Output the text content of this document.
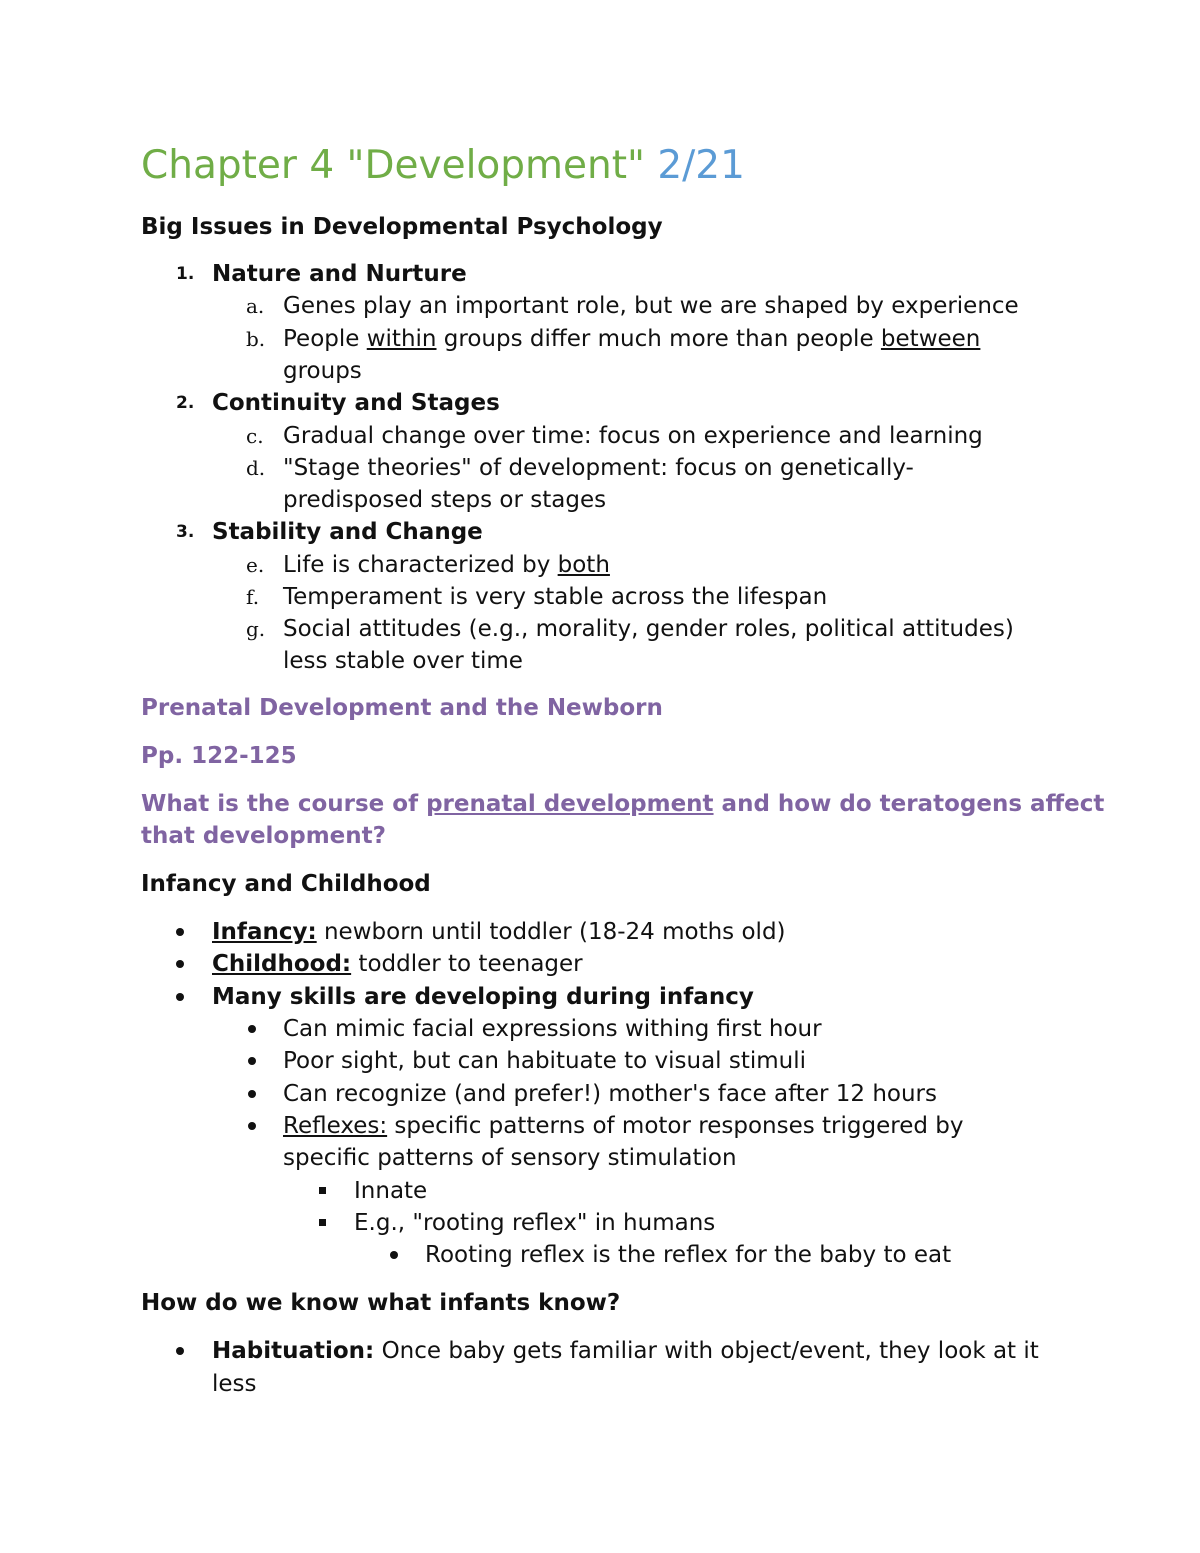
Chapter 4 "Development" 2/21
Big Issues in Developmental Psychology
1. Nature and Nurture
a. Genes play an important role, but we are shaped by experience
b. People within groups differ much more than people between
groups
2. Continuity and Stages
c. Gradual change over time: focus on experience and learning
d. "Stage theories" of development: focus on genetically-
predisposed steps or stages
3. Stability and Change
e. Life is characterized by both
f. Temperament is very stable across the lifespan
g. Social attitudes (e.g., morality, gender roles, political attitudes)
less stable over time
Prenatal Development and the Newborn
Pp. 122-125
What is the course of prenatal development and how do teratogens affect
that development?
Infancy and Childhood
Infancy: newborn until toddler (18-24 moths old)
Childhood: toddler to teenager
Many skills are developing during infancy
Can mimic facial expressions withing first hour
Poor sight, but can habituate to visual stimuli
Can recognize (and prefer!) mother's face after 12 hours
Reflexes: specific patterns of motor responses triggered by
specific patterns of sensory stimulation
Innate
E.g., "rooting reflex" in humans
Rooting reflex is the reflex for the baby to eat
How do we know what infants know?
Habituation: Once baby gets familiar with object/event, they look at it
less
